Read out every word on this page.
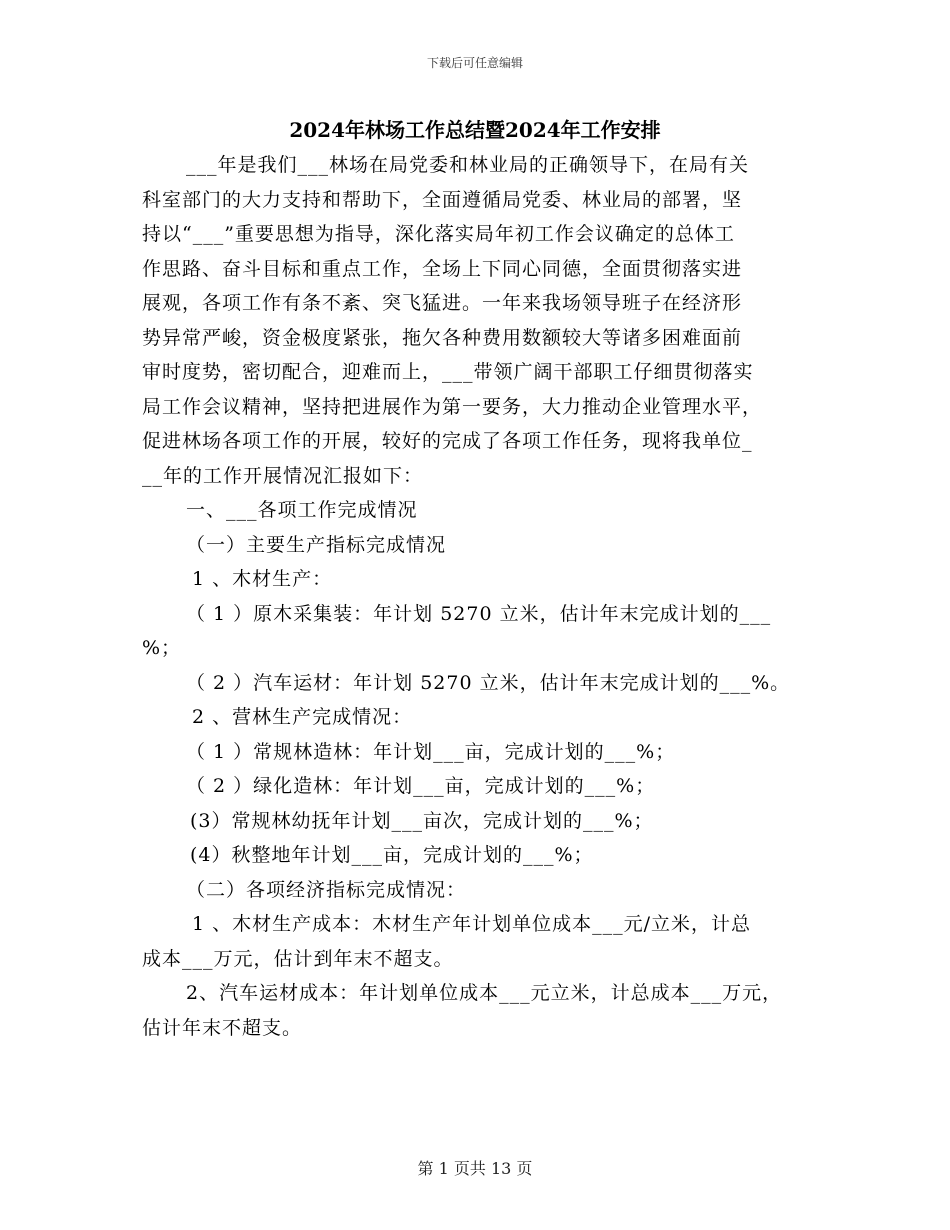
下载后可任意编辑
2024年林场工作总结暨2024年工作安排
___年是我们___林场在局党委和林业局的正确领导下，在局有关
科室部门的大力支持和帮助下，全面遵循局党委、林业局的部署，坚
持以“___”重要思想为指导，深化落实局年初工作会议确定的总体工
作思路、奋斗目标和重点工作，全场上下同心同德，全面贯彻落实进
展观，各项工作有条不紊、突飞猛进。一年来我场领导班子在经济形
势异常严峻，资金极度紧张，拖欠各种费用数额较大等诸多困难面前
审时度势，密切配合，迎难而上，___带领广阔干部职工仔细贯彻落实
局工作会议精神，坚持把进展作为第一要务，大力推动企业管理水平，
促进林场各项工作的开展，较好的完成了各项工作任务，现将我单位_
__年的工作开展情况汇报如下：
一、___各项工作完成情况
（一）主要生产指标完成情况
1 、木材生产：
（ 1 ）原木采集装：年计划 5270 立米，估计年末完成计划的___
%；
（ 2 ）汽车运材：年计划 5270 立米，估计年末完成计划的___%。
2 、营林生产完成情况：
（ 1 ）常规林造林：年计划___亩，完成计划的___%；
（ 2 ）绿化造林：年计划___亩，完成计划的___%；
(3）常规林幼抚年计划___亩次，完成计划的___%；
(4）秋整地年计划___亩，完成计划的___%；
（二）各项经济指标完成情况：
1 、木材生产成本：木材生产年计划单位成本___元/立米，计总
成本___万元，估计到年末不超支。
2、汽车运材成本：年计划单位成本___元立米，计总成本___万元，
估计年末不超支。
第 1 页共 13 页
